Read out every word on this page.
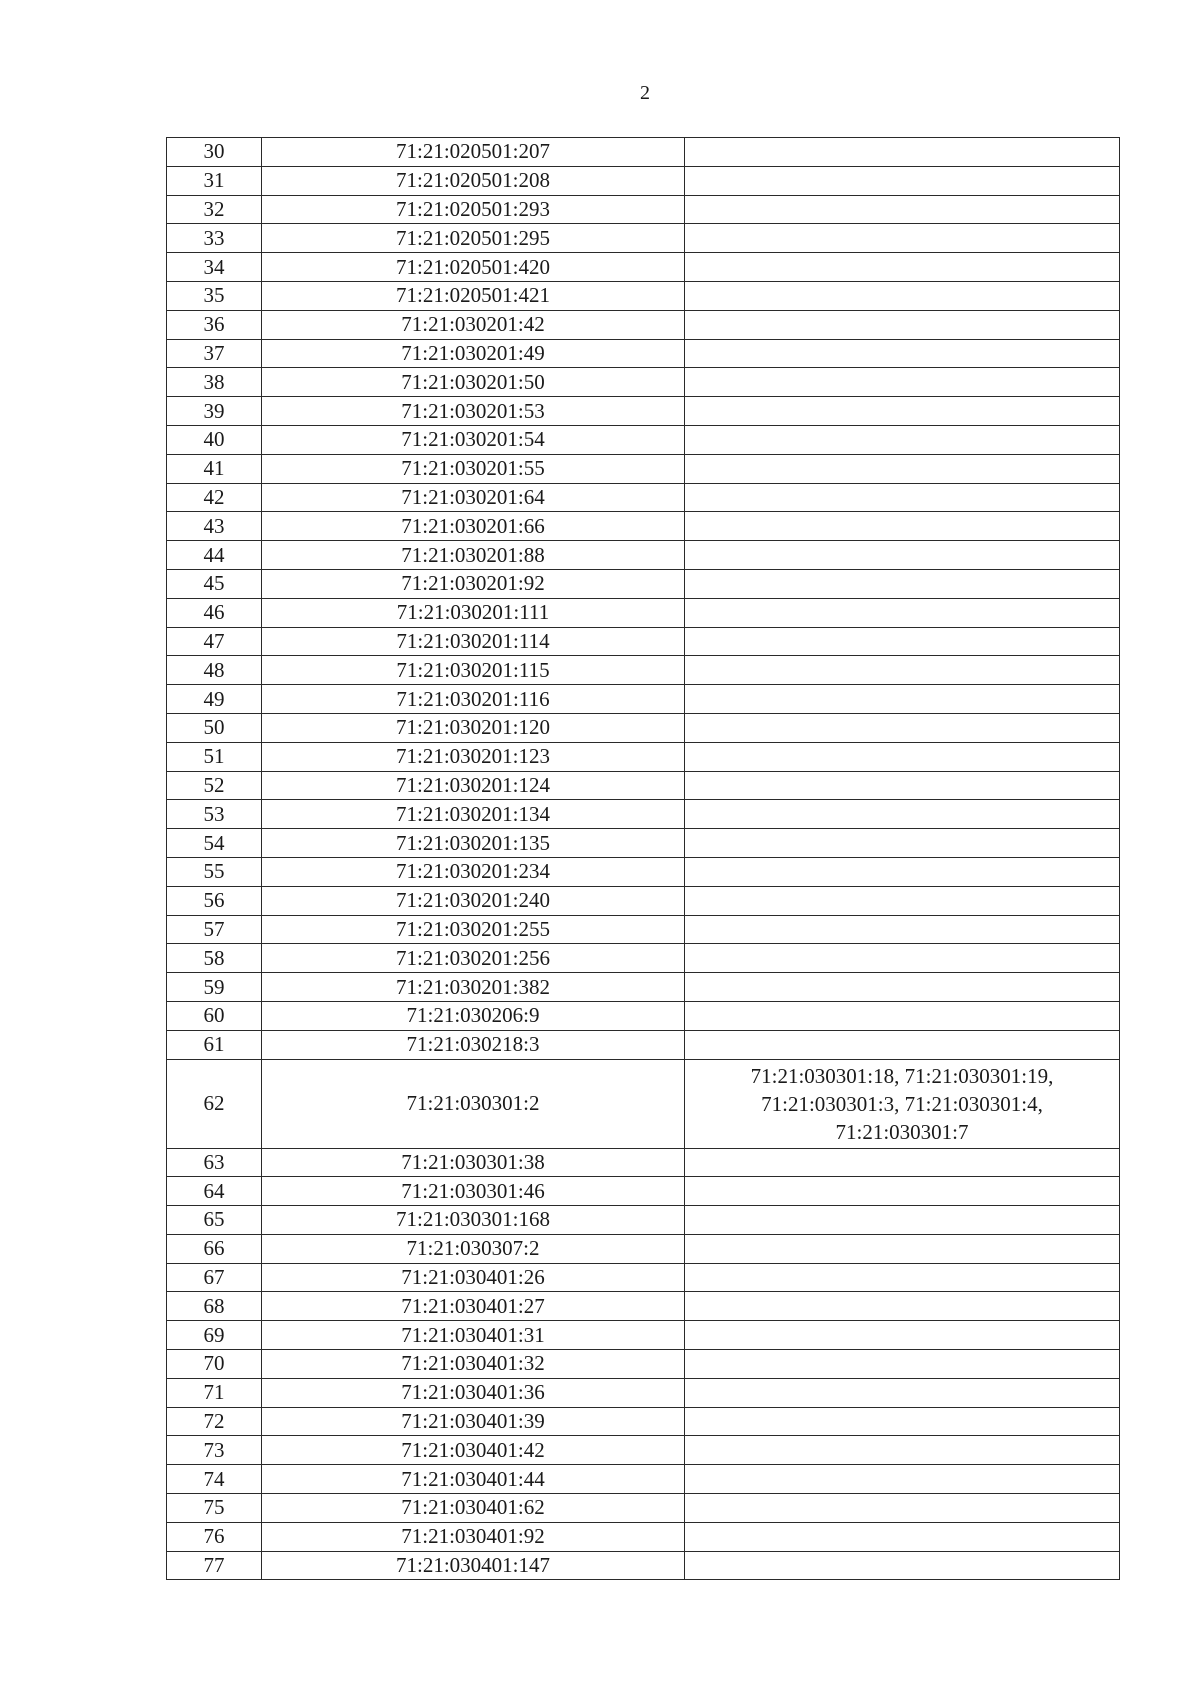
2
30	71:21:020501:207	
31	71:21:020501:208	
32	71:21:020501:293	
33	71:21:020501:295	
34	71:21:020501:420	
35	71:21:020501:421	
36	71:21:030201:42	
37	71:21:030201:49	
38	71:21:030201:50	
39	71:21:030201:53	
40	71:21:030201:54	
41	71:21:030201:55	
42	71:21:030201:64	
43	71:21:030201:66	
44	71:21:030201:88	
45	71:21:030201:92	
46	71:21:030201:111	
47	71:21:030201:114	
48	71:21:030201:115	
49	71:21:030201:116	
50	71:21:030201:120	
51	71:21:030201:123	
52	71:21:030201:124	
53	71:21:030201:134	
54	71:21:030201:135	
55	71:21:030201:234	
56	71:21:030201:240	
57	71:21:030201:255	
58	71:21:030201:256	
59	71:21:030201:382	
60	71:21:030206:9	
61	71:21:030218:3	
62	71:21:030301:2	71:21:030301:18, 71:21:030301:19,
71:21:030301:3, 71:21:030301:4,
71:21:030301:7

63	71:21:030301:38	
64	71:21:030301:46	
65	71:21:030301:168	
66	71:21:030307:2	
67	71:21:030401:26	
68	71:21:030401:27	
69	71:21:030401:31	
70	71:21:030401:32	
71	71:21:030401:36	
72	71:21:030401:39	
73	71:21:030401:42	
74	71:21:030401:44	
75	71:21:030401:62	
76	71:21:030401:92	
77	71:21:030401:147	
